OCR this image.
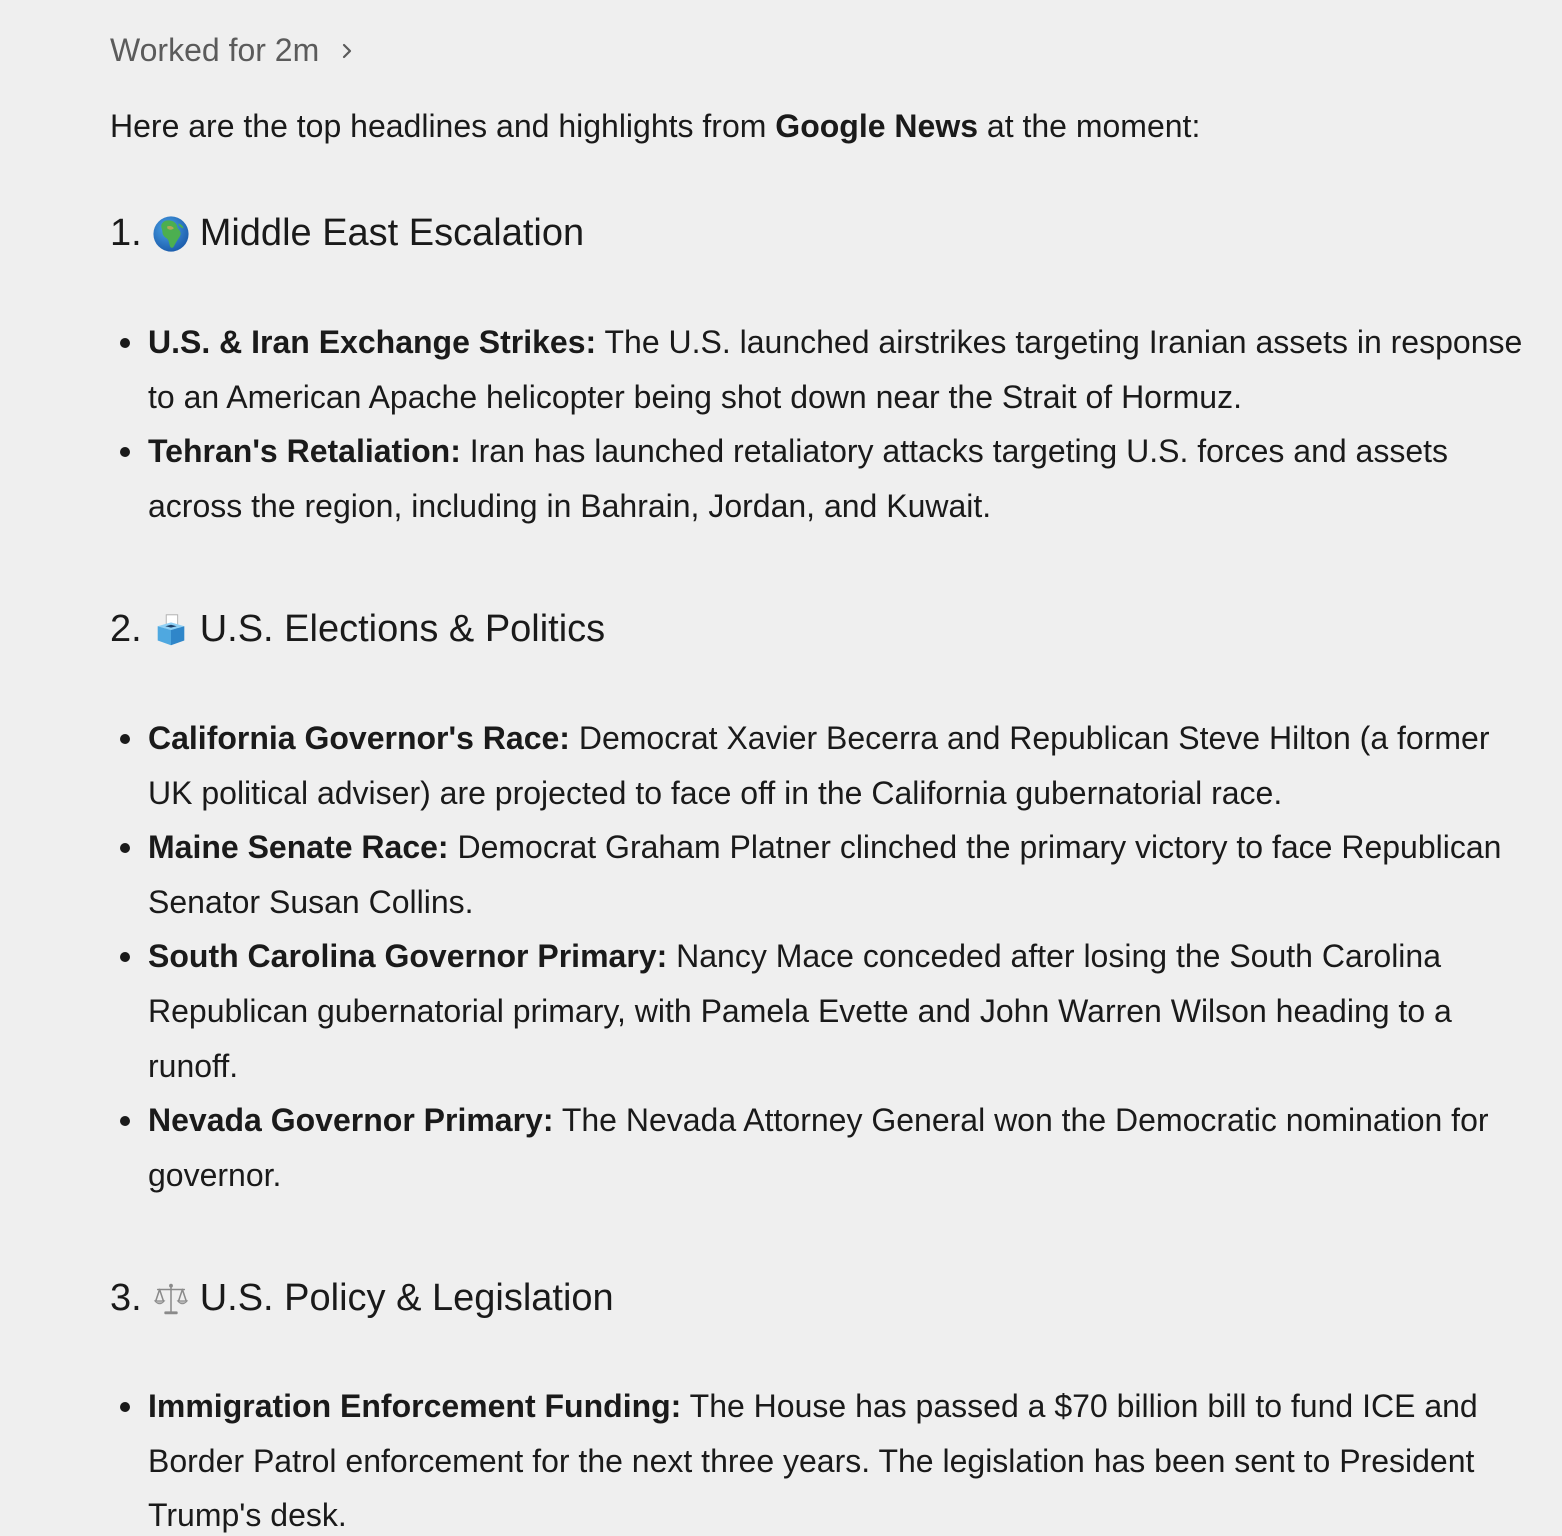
Worked for 2m
Here are the top headlines and highlights from Google News at the moment:
1. Middle East Escalation
U.S. & Iran Exchange Strikes: The U.S. launched airstrikes targeting Iranian assets in response to an American Apache helicopter being shot down near the Strait of Hormuz.
Tehran's Retaliation: Iran has launched retaliatory attacks targeting U.S. forces and assets across the region, including in Bahrain, Jordan, and Kuwait.
2. U.S. Elections & Politics
California Governor's Race: Democrat Xavier Becerra and Republican Steve Hilton (a former UK political adviser) are projected to face off in the California gubernatorial race.
Maine Senate Race: Democrat Graham Platner clinched the primary victory to face Republican Senator Susan Collins.
South Carolina Governor Primary: Nancy Mace conceded after losing the South Carolina Republican gubernatorial primary, with Pamela Evette and John Warren Wilson heading to a runoff.
Nevada Governor Primary: The Nevada Attorney General won the Democratic nomination for governor.
3. U.S. Policy & Legislation
Immigration Enforcement Funding: The House has passed a $70 billion bill to fund ICE and Border Patrol enforcement for the next three years. The legislation has been sent to President Trump's desk.
